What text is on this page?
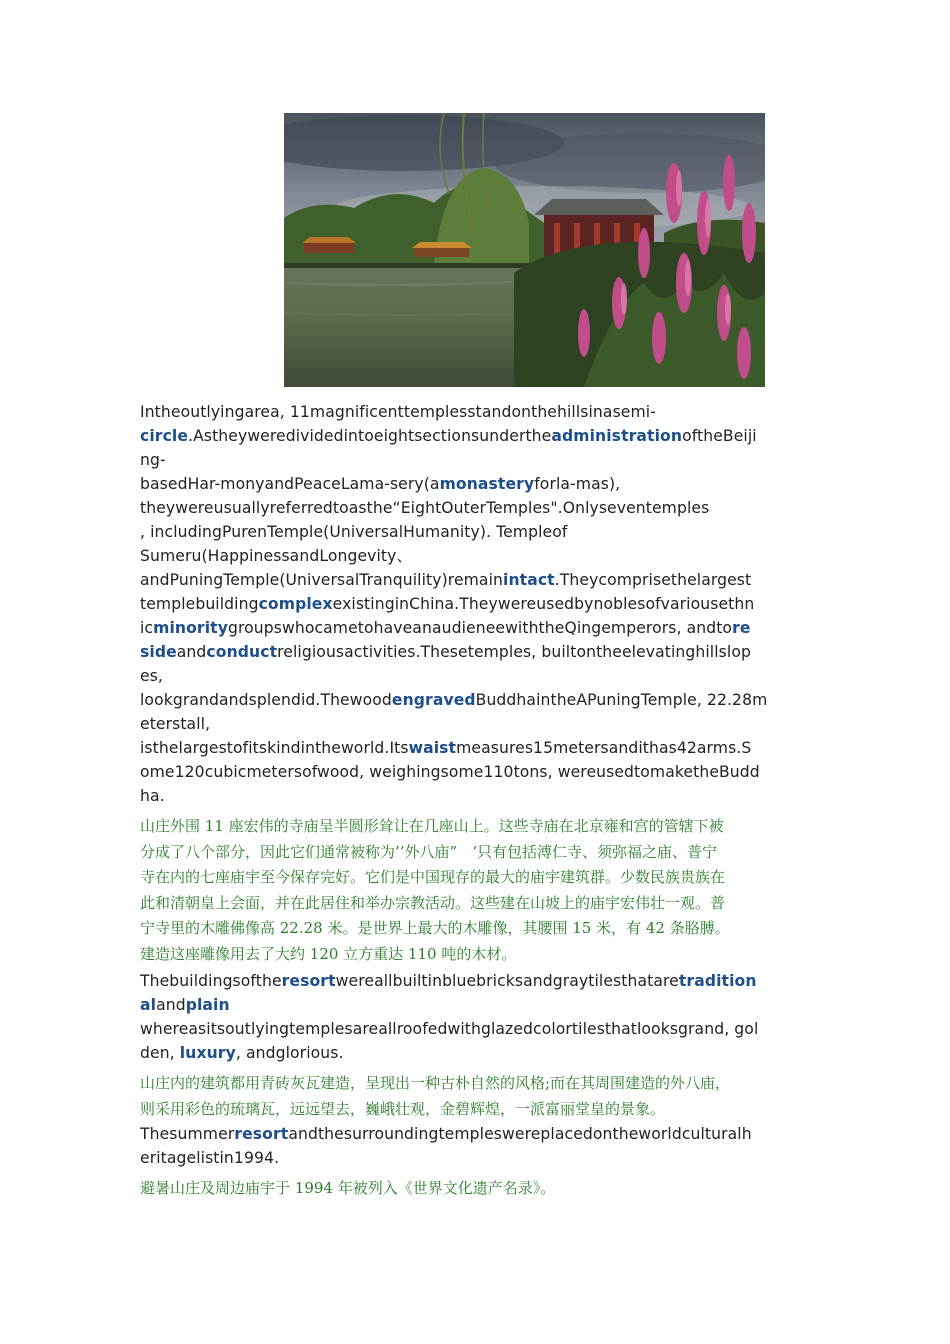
Intheoutlyingarea, 11magnificenttemplesstandonthehillsinasemi-
circle.AstheyweredividedintoeightsectionsundertheadministrationoftheBeiji
ng-
basedHar-monyandPeaceLama-sery(amonasteryforla-mas),
theywereusuallyreferredtoasthe“EightOuterTemples".Onlyseventemples
, includingPurenTemple(UniversalHumanity). Templeof
Sumeru(HappinessandLongevity、
andPuningTemple(UniversalTranquility)remainintact.Theycomprisethelargest
templebuildingcomplexexistinginChina.Theywereusedbynoblesofvariousethn
icminoritygroupswhocametohaveanaudieneewiththeQingemperors, andtore
sideandconductreligiousactivities.Thesetemples, builtontheelevatinghillslop
es,
lookgrandandsplendid.ThewoodengravedBuddhaintheAPuningTemple, 22.28m
eterstall,
isthelargestofitskindintheworld.Itswaistmeasures15metersandithas42arms.S
ome120cubicmetersofwood, weighingsome110tons, wereusedtomaketheBudd
ha.
山庄外围 11 座宏伟的寺庙呈半圆形耸让在几座山上。这些寺庙在北京雍和宫的管辖下被
分成了八个部分，因此它们通常被称为’’外八庙”　‘只有包括溥仁寺、须弥福之庙、普宁
寺在内的七座庙宇至今保存完好。它们是中国现存的最大的庙宇建筑群。少数民族贵族在
此和清朝皇上会面，并在此居住和举办宗教活动。这些建在山坡上的庙宇宏伟壮一观。普
宁寺里的木雕佛像高 22.28 米。是世界上最大的木雕像，其腰围 15 米，有 42 条胳膊。
建造这座雕像用去了大约 120 立方重达 110 吨的木材。
Thebuildingsoftheresortwereallbuiltinbluebricksandgraytilesthataretradition
alandplain
whereasitsoutlyingtemplesareallroofedwithglazedcolortilesthatlooksgrand, gol
den, luxury, andglorious.
山庄内的建筑都用青砖灰瓦建造，呈现出一种古朴自然的风格;而在其周围建造的外八庙，
则采用彩色的琉璃瓦，远远望去，巍峨壮观，金碧辉煌，一派富丽堂皇的景象。
Thesummerresortandthesurroundingtempleswereplacedontheworldculturalh
eritagelistin1994.
避暑山庄及周边庙宇于 1994 年被列入《世界文化遗产名录》。
